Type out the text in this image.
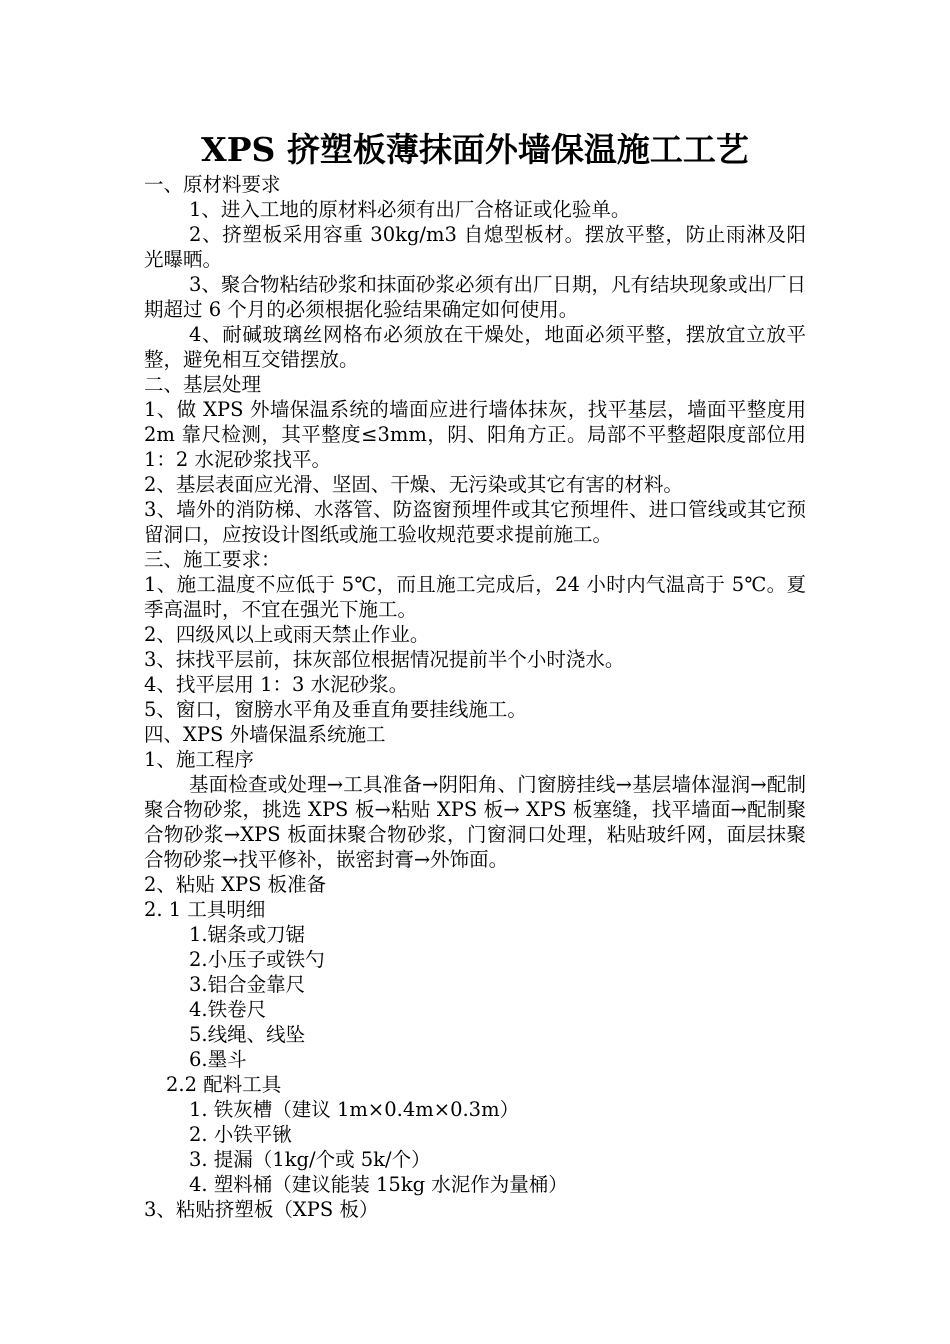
XPS 挤塑板薄抹面外墙保温施工工艺

一、原材料要求

1、进入工地的原材料必须有出厂合格证或化验单。

2、挤塑板采用容重 30kg/m3 自熄型板材。摆放平整，防止雨淋及阳光曝晒。

3、聚合物粘结砂浆和抹面砂浆必须有出厂日期，凡有结块现象或出厂日期超过 6 个月的必须根据化验结果确定如何使用。

4、耐碱玻璃丝网格布必须放在干燥处，地面必须平整，摆放宜立放平整，避免相互交错摆放。

二、基层处理

1、做 XPS 外墙保温系统的墙面应进行墙体抹灰，找平基层，墙面平整度用 2m 靠尺检测，其平整度≤3mm，阴、阳角方正。局部不平整超限度部位用 1：2 水泥砂浆找平。

2、基层表面应光滑、坚固、干燥、无污染或其它有害的材料。

3、墙外的消防梯、水落管、防盗窗预埋件或其它预埋件、进口管线或其它预留洞口，应按设计图纸或施工验收规范要求提前施工。

三、施工要求：

1、施工温度不应低于 5℃，而且施工完成后，24 小时内气温高于 5℃。夏季高温时，不宜在强光下施工。

2、四级风以上或雨天禁止作业。

3、抹找平层前，抹灰部位根据情况提前半个小时浇水。

4、找平层用 1：3 水泥砂浆。

5、窗口，窗膀水平角及垂直角要挂线施工。

四、XPS 外墙保温系统施工

1、施工程序

基面检查或处理→工具准备→阴阳角、门窗膀挂线→基层墙体湿润→配制聚合物砂浆，挑选 XPS 板→粘贴 XPS 板→ XPS 板塞缝，找平墙面→配制聚合物砂浆→XPS 板面抹聚合物砂浆，门窗洞口处理，粘贴玻纤网，面层抹聚合物砂浆→找平修补，嵌密封膏→外饰面。

2、粘贴 XPS 板准备

2. 1 工具明细

1.锯条或刀锯

2.小压子或铁勺

3.铝合金靠尺

4.铁卷尺

5.线绳、线坠

6.墨斗

2.2 配料工具

1. 铁灰槽（建议 1m×0.4m×0.3m）

2. 小铁平锹

3. 提漏（1kg/个或 5k/个）

4. 塑料桶（建议能装 15kg 水泥作为量桶）

3、粘贴挤塑板（XPS 板）
